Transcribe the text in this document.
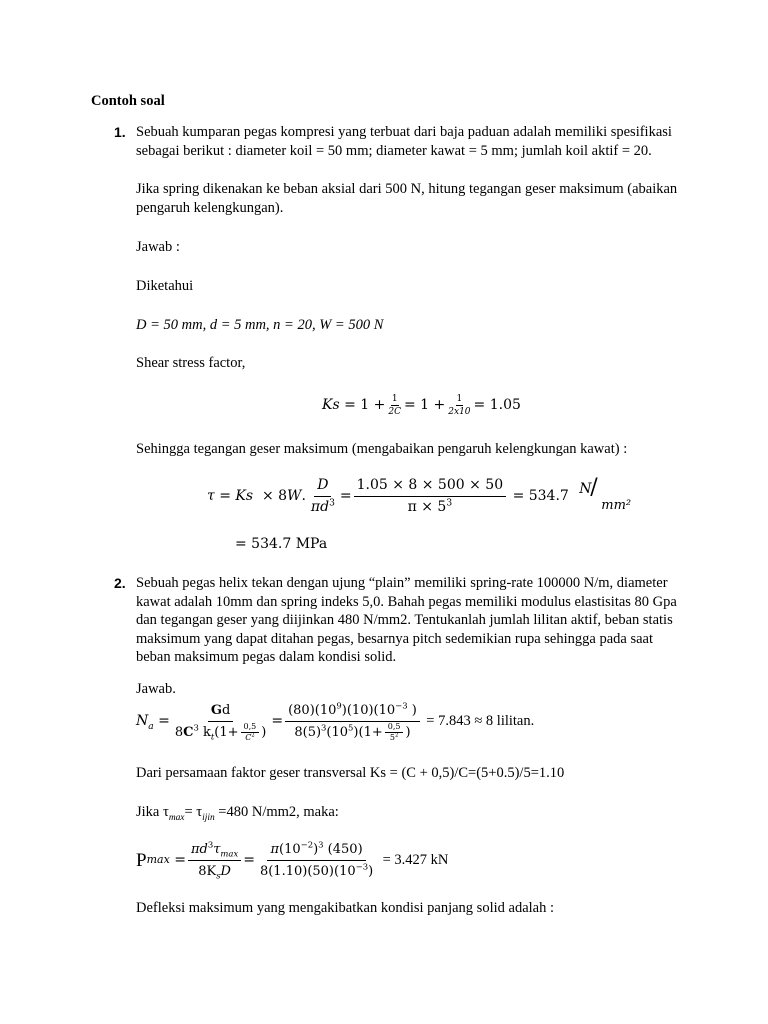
Contoh soal
1. Sebuah kumparan pegas kompresi yang terbuat dari baja paduan adalah memiliki spesifikasi sebagai berikut : diameter koil = 50 mm; diameter kawat = 5 mm; jumlah koil aktif = 20.
Jika spring dikenakan ke beban aksial dari 500 N, hitung tegangan geser maksimum (abaikan pengaruh kelengkungan).
Jawab :
Diketahui
D = 50 mm, d = 5 mm, n = 20, W = 500 N
Shear stress factor,
$Ks = 1 + \frac{1}{2C} = 1 + \frac{1}{2x10} = 1.05$
Sehingga tegangan geser maksimum (mengabaikan pengaruh kelengkungan kawat) :
τ = Ks × 8 W . $\frac{D}{\pi d^3} = \frac{1.05 \times 8 \times 500 \times 50}{\pi \times 5^3}$
= 534.7
N
/
mm²
= 534.7 MPa
2. Sebuah pegas helix tekan dengan ujung “plain” memiliki spring-rate 100000 N/m, diameter kawat adalah 10mm dan spring indeks 5,0. Bahah pegas memiliki modulus elastisitas 80 Gpa dan tegangan geser yang diijinkan 480 N/mm2. Tentukanlah jumlah lilitan aktif, beban statis maksimum yang dapat ditahan pegas, besarnya pitch sedemikian rupa sehingga pada saat beban maksimum pegas dalam kondisi solid.
Jawab.
$N_a = \frac{Gd}{8C^3 k_t(1+ \frac{0,5}{C^2} )} = \frac{(80)(10^9)(10)(10^{-3} )}{8(5)^3(10^5)(1+ \frac{0,5}{5^2} )}$
= 7.843 ≈ 8 lilitan.
Dari persamaan faktor geser transversal Ks = (C + 0,5)/C=(5+0.5)/5=1.10
Jika $\tau_{max}= \tau_{ijin} =480$ N/mm2, maka:
P $\max = \frac{\pi d^3\tau_{max}}{8K_sD} = \frac{\pi(10^{-2})^3 (450)}{8(1.10)(50)(10^{-3})}$
= 3.427 kN
Defleksi maksimum yang mengakibatkan kondisi panjang solid adalah :
